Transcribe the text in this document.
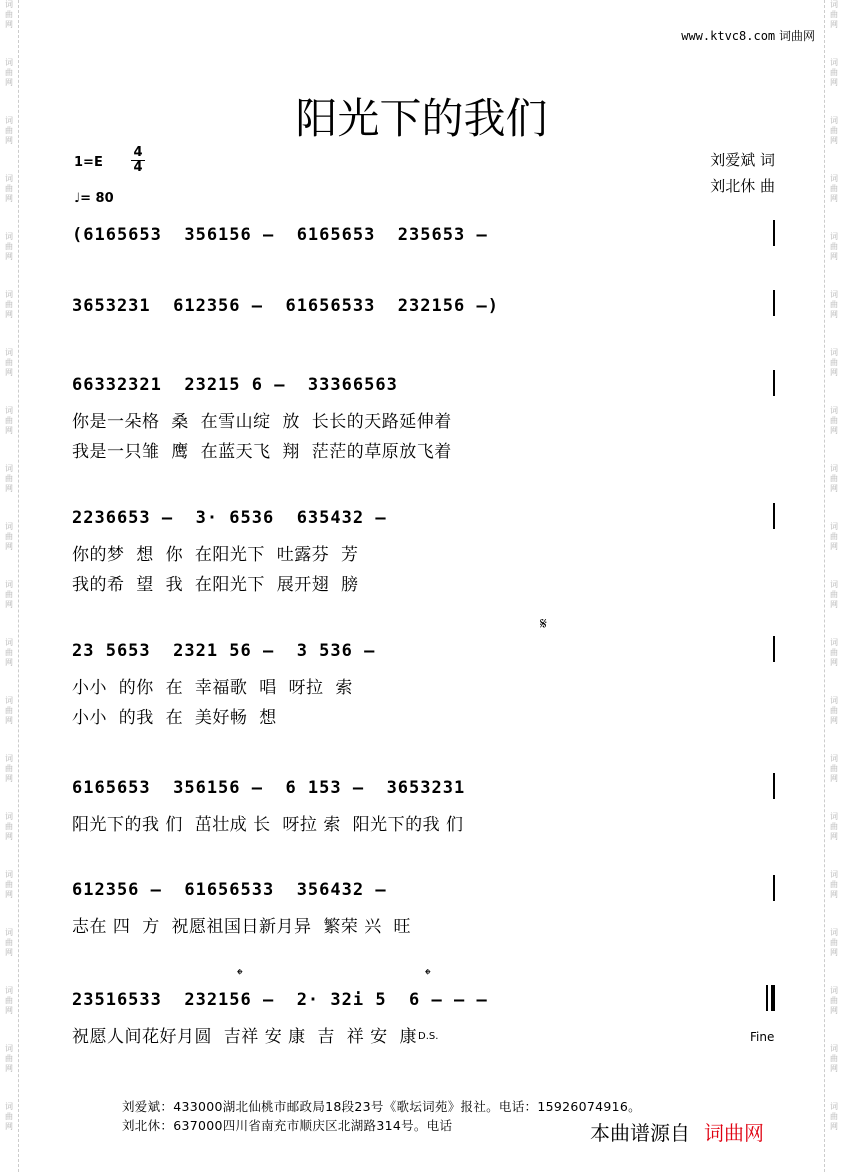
词
曲
网
词
曲
网
词
曲
网
词
曲
网
词
曲
网
词
曲
网
词
曲
网
词
曲
网
词
曲
网
词
曲
网
词
曲
网
词
曲
网
词
曲
网
词
曲
网
词
曲
网
词
曲
网
词
曲
网
词
曲
网
词
曲
网
词
曲
网
词
曲
网
词
曲
网
词
曲
网
词
曲
网
词
曲
网
词
曲
网
词
曲
网
词
曲
网
词
曲
网
词
曲
网
词
曲
网
词
曲
网
词
曲
网
词
曲
网
词
曲
网
词
曲
网
词
曲
网
词
曲
网
词
曲
网
词
曲
网
www.ktvc8.com 词曲网
阳光下的我们
1=E
4
4
♩= 80
刘爱斌 词
刘北休 曲
(6165653  356156 –  6165653  235653 –
3653231  612356 –  61656533  232156 –)
66332321  23215 6 –  33366563
你是一朵格  桑  在雪山绽  放  长长的天路延伸着
我是一只雏  鹰  在蓝天飞  翔  茫茫的草原放飞着
2236653 –  3· 6536  635432 –
你的梦  想  你  在阳光下  吐露芬  芳
我的希  望  我  在阳光下  展开翅  膀
𝄋
23 5653  2321 56 –  3 536 –
小小  的你  在  幸福歌  唱  呀拉  索
小小  的我  在  美好畅  想
6165653  356156 –  6 153 –  3653231
阳光下的我 们  茁壮成 长  呀拉 索  阳光下的我 们
612356 –  61656533  356432 –
志在 四  方  祝愿祖国日新月异  繁荣 兴  旺
𝄌	𝄌
23516533  232156 –  2· 32i 5  6 – – –
祝愿人间花好月圆  吉祥 安 康  吉  祥 安  康 D.S.	Fine
刘爱斌：433000湖北仙桃市邮政局18段23号《歌坛词苑》报社。电话：15926074916。
刘北休：637000四川省南充市顺庆区北湖路314号。电话	本曲谱源自 词曲网
